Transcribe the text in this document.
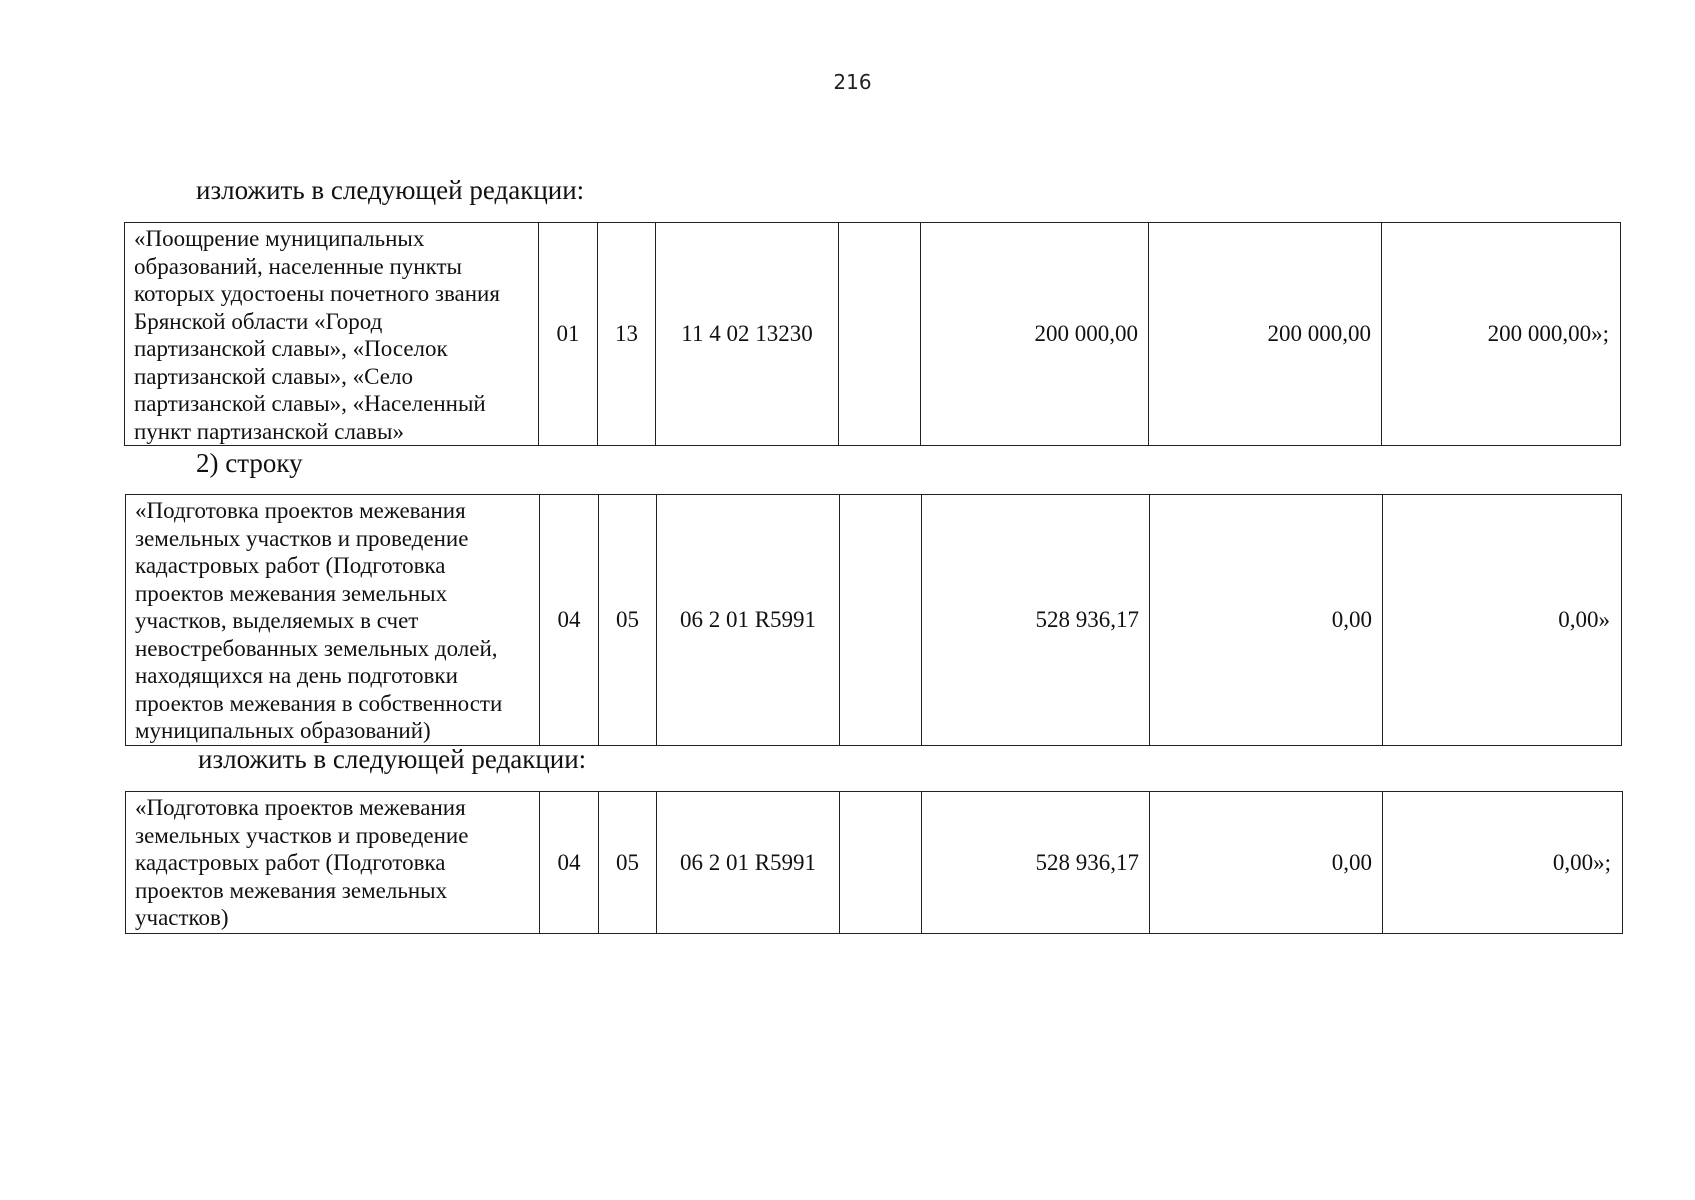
216
изложить в следующей редакции:
«Поощрение муниципальных
образований, населенные пункты
которых удостоены почетного звания
Брянской области «Город
партизанской славы», «Поселок
партизанской славы», «Село
партизанской славы», «Населенный
пункт партизанской славы»
	01	13	11 4 02 13230		200 000,00	200 000,00	200 000,00»;
2) строку
«Подготовка проектов межевания
земельных участков и проведение
кадастровых работ (Подготовка
проектов межевания земельных
участков, выделяемых в счет
невостребованных земельных долей,
находящихся на день подготовки
проектов межевания в собственности
муниципальных образований)
	04	05	06 2 01 R5991		528 936,17	0,00	0,00»
изложить в следующей редакции:
«Подготовка проектов межевания
земельных участков и проведение
кадастровых работ (Подготовка
проектов межевания земельных
участков)
	04	05	06 2 01 R5991		528 936,17	0,00	0,00»;
